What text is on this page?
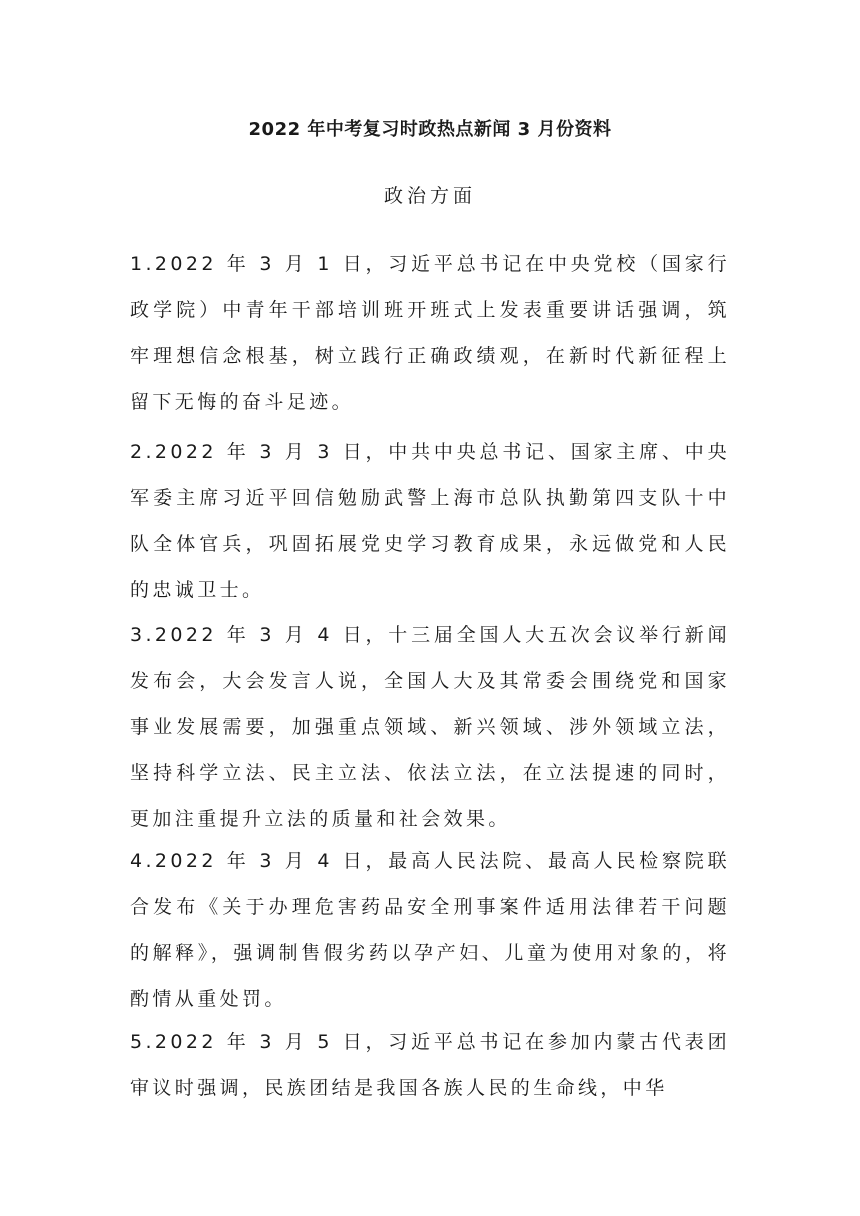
2022 年中考复习时政热点新闻 3 月份资料
政治方面

1.2022 年 3 月 1 日，习近平总书记在中央党校（国家行政学院）中青年干部培训班开班式上发表重要讲话强调，筑牢理想信念根基，树立践行正确政绩观，在新时代新征程上留下无悔的奋斗足迹。

2.2022 年 3 月 3 日，中共中央总书记、国家主席、中央军委主席习近平回信勉励武警上海市总队执勤第四支队十中队全体官兵，巩固拓展党史学习教育成果，永远做党和人民的忠诚卫士。

3.2022 年 3 月 4 日，十三届全国人大五次会议举行新闻发布会，大会发言人说，全国人大及其常委会围绕党和国家事业发展需要，加强重点领域、新兴领域、涉外领域立法，坚持科学立法、民主立法、依法立法，在立法提速的同时，更加注重提升立法的质量和社会效果。

4.2022 年 3 月 4 日，最高人民法院、最高人民检察院联合发布《关于办理危害药品安全刑事案件适用法律若干问题的解释》，强调制售假劣药以孕产妇、儿童为使用对象的，将酌情从重处罚。

5.2022 年 3 月 5 日，习近平总书记在参加内蒙古代表团审议时强调，民族团结是我国各族人民的生命线，中华
